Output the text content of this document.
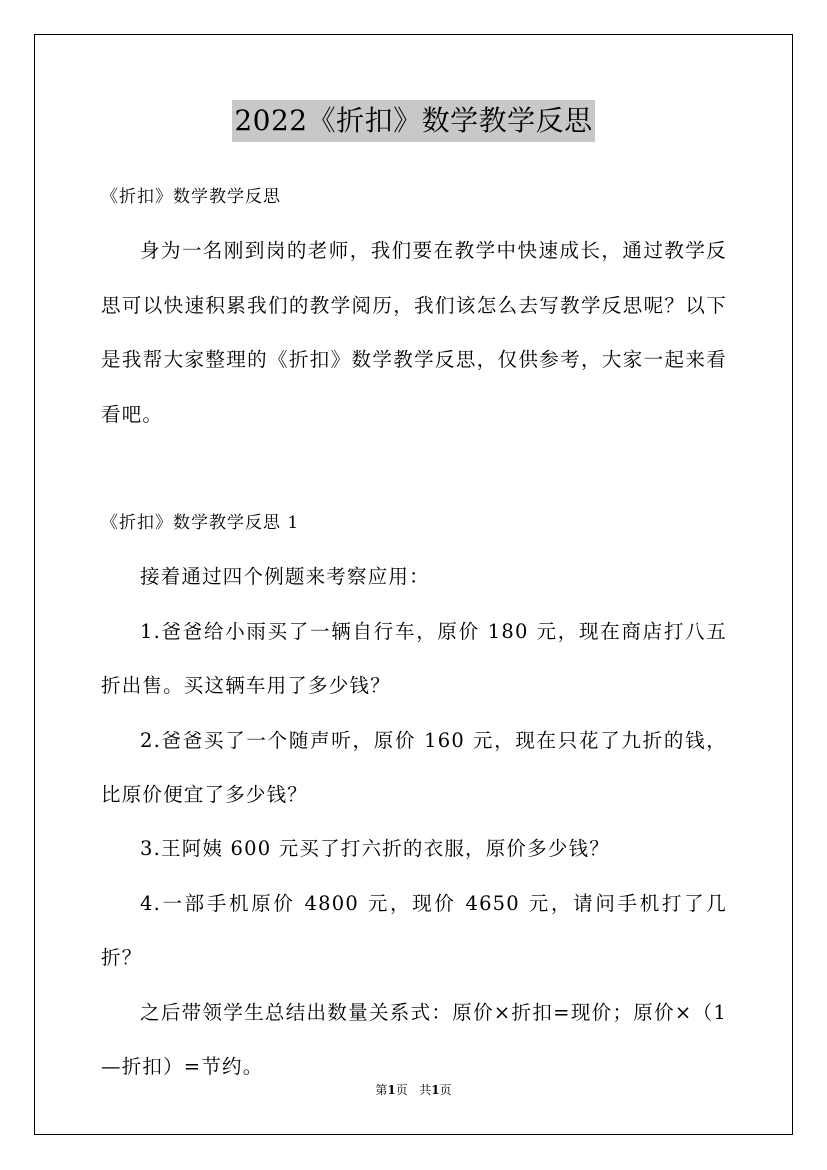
2022《折扣》数学教学反思

《折扣》数学教学反思

身为一名刚到岗的老师，我们要在教学中快速成长，通过教学反思可以快速积累我们的教学阅历，我们该怎么去写教学反思呢？以下是我帮大家整理的《折扣》数学教学反思，仅供参考，大家一起来看看吧。

《折扣》数学教学反思 1

接着通过四个例题来考察应用：

1.爸爸给小雨买了一辆自行车，原价 180 元，现在商店打八五折出售。买这辆车用了多少钱？

2.爸爸买了一个随声听，原价 160 元，现在只花了九折的钱，比原价便宜了多少钱？

3.王阿姨 600 元买了打六折的衣服，原价多少钱？

4.一部手机原价 4800 元，现价 4650 元，请问手机打了几折？

之后带领学生总结出数量关系式：原价×折扣=现价；原价×（1—折扣）=节约。

第1页 共1页
